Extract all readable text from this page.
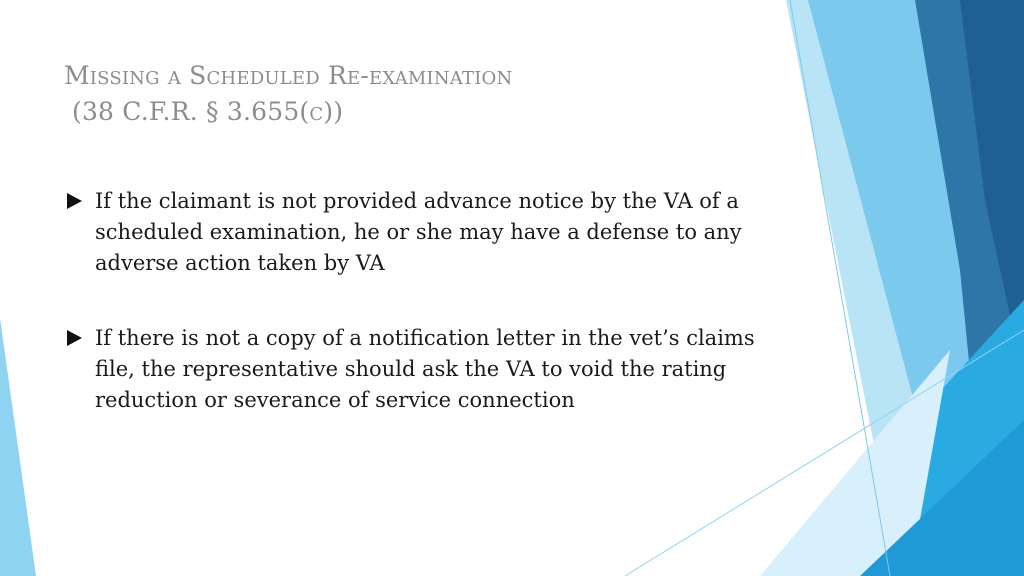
Missing a Scheduled Re-examination
(38 C.F.R. § 3.655(c))
If the claimant is not provided advance notice by the VA of a scheduled examination, he or she may have a defense to any adverse action taken by VA
If there is not a copy of a notification letter in the vet’s claims file, the representative should ask the VA to void the rating reduction or severance of service connection
